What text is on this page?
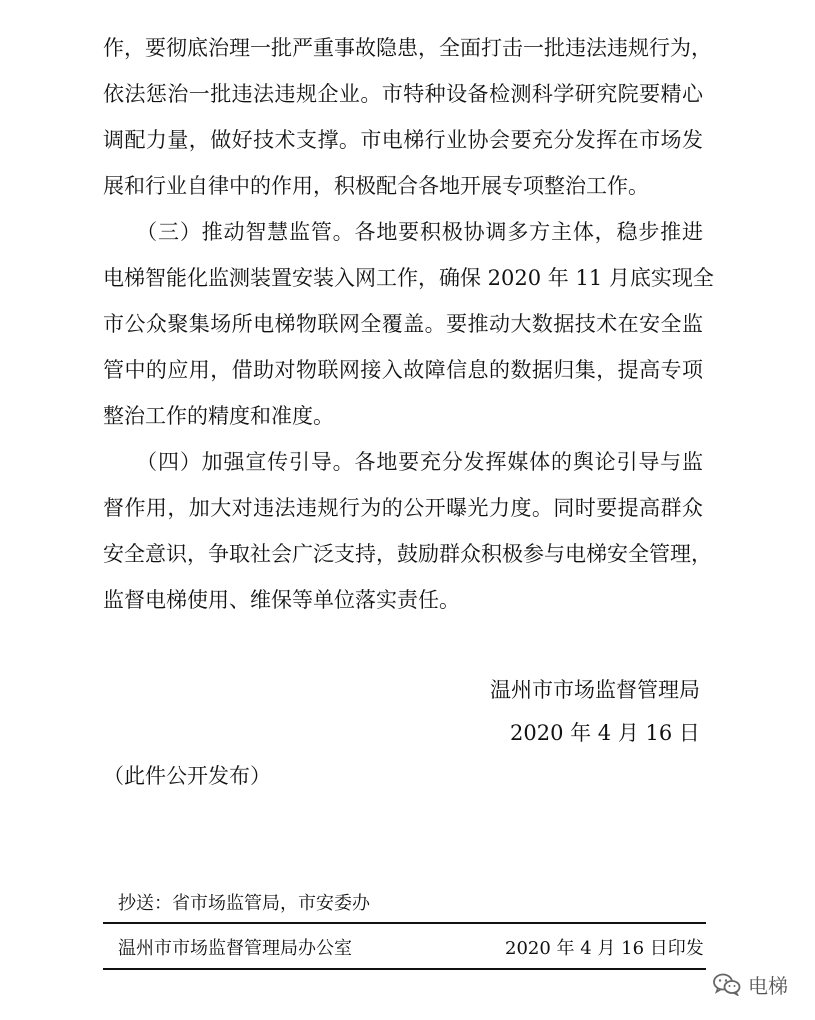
作，要彻底治理一批严重事故隐患，全面打击一批违法违规行为，
依法惩治一批违法违规企业。市特种设备检测科学研究院要精心
调配力量，做好技术支撑。市电梯行业协会要充分发挥在市场发
展和行业自律中的作用，积极配合各地开展专项整治工作。
　　（三）推动智慧监管。各地要积极协调多方主体，稳步推进
电梯智能化监测装置安装入网工作，确保 2020 年 11 月底实现全
市公众聚集场所电梯物联网全覆盖。要推动大数据技术在安全监
管中的应用，借助对物联网接入故障信息的数据归集，提高专项
整治工作的精度和准度。
　　（四）加强宣传引导。各地要充分发挥媒体的舆论引导与监
督作用，加大对违法违规行为的公开曝光力度。同时要提高群众
安全意识，争取社会广泛支持，鼓励群众积极参与电梯安全管理，
监督电梯使用、维保等单位落实责任。
温州市市场监督管理局
2020 年 4 月 16 日
（此件公开发布）
抄送：省市场监管局，市安委办
温州市市场监督管理局办公室	2020 年 4 月 16 日印发
电梯
